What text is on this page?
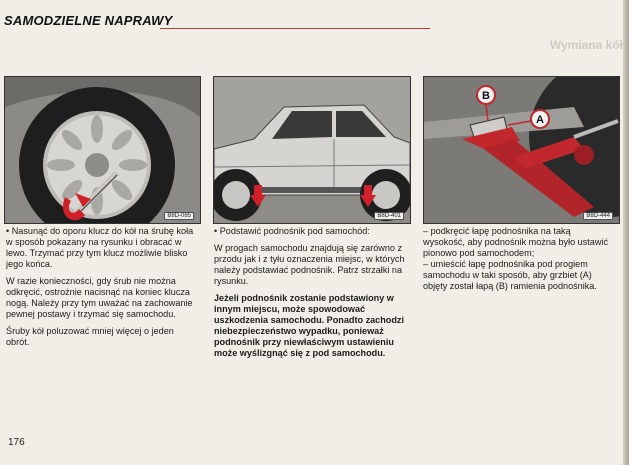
SAMODZIELNE NAPRAWY
Wymiana kół
B8D-085	B8D-401
B
A
B8D-444

• Nasunąć do oporu klucz do kół na śrubę koła w sposób pokazany na rysunku i obracać w lewo. Trzymać przy tym klucz możliwie blisko jego końca.

W razie konieczności, gdy śrub nie można odkręcić, ostrożnie nacisnąć na koniec klucza nogą. Należy przy tym uważać na zachowanie pewnej postawy i trzymać się samochodu.

Śruby kół poluzować mniej więcej o jeden obrót.

• Podstawić podnośnik pod samochód:

W progach samochodu znajdują się zarówno z przodu jak i z tyłu oznaczenia miejsc, w których należy podstawiać podnośnik. Patrz strzałki na rysunku.

Jeżeli podnośnik zostanie podstawiony w innym miejscu, może spowodować uszkodzenia samochodu. Ponadto zachodzi niebezpieczeństwo wypadku, ponieważ podnośnik przy niewłaściwym ustawieniu może wyślizgnąć się z pod samochodu.

– podkręcić łapę podnośnika na taką wysokość, aby podnośnik można było ustawić pionowo pod samochodem;
– umieścić łapę podnośnika pod progiem samochodu w taki sposób, aby grzbiet (A) objęty został łapą (B) ramienia podnośnika.
176
